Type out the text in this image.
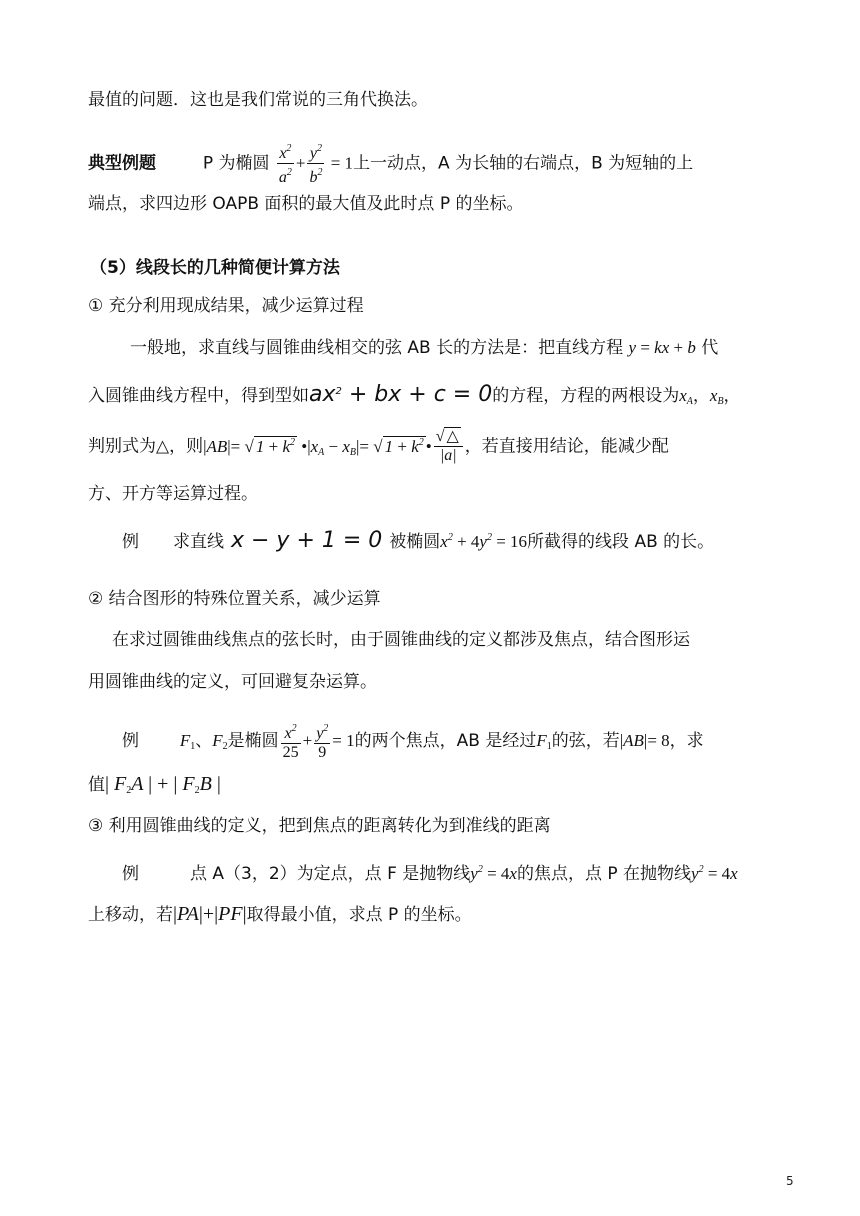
最值的问题．这也是我们常说的三角代换法。
典型例题	P 为椭圆 $\frac{x^2}{a^2} + \frac{y^2}{b^2} = 1$上一动点，A 为长轴的右端点，B 为短轴的上
端点，求四边形 OAPB 面积的最大值及此时点 P 的坐标。
（5）线段长的几种简便计算方法
① 充分利用现成结果，减少运算过程
一般地，求直线与圆锥曲线相交的弦 AB 长的方法是：把直线方程 y = kx + b 代
入圆锥曲线方程中，得到型如$ax^2$ + bx + c = 0的方程，方程的两根设为$x_A$，$x_B$，
判别式为△，则|AB|= √ $1 + k^2$ $•|x_A - x_B|=$ √ $1 + k^2$ • $\frac{√ \triangle}{|a|}$ ，若直接用结论，能减少配
方、开方等运算过程。
例　　求直线 x − y + 1 = 0 被椭圆$x^2 + 4y^2 = 16$所截得的线段 AB 的长。
② 结合图形的特殊位置关系，减少运算
在求过圆锥曲线焦点的弦长时，由于圆锥曲线的定义都涉及焦点，结合图形运
用圆锥曲线的定义，可回避复杂运算。
例 $F_1$、$F_2$是椭圆 $\frac{x^2}{25} + \frac{y^2}{9} = 1$的两个焦点，AB 是经过$F_1$的弦，若|AB|= 8，求
值| $F_2A$ | + | $F_2B$ |
③ 利用圆锥曲线的定义，把到焦点的距离转化为到准线的距离
例　　　点 A（3，2）为定点，点 F 是抛物线$y^2 = 4x$的焦点，点 P 在抛物线$y^2 = 4x$
上移动，若|PA|+|PF|取得最小值，求点 P 的坐标。
5
